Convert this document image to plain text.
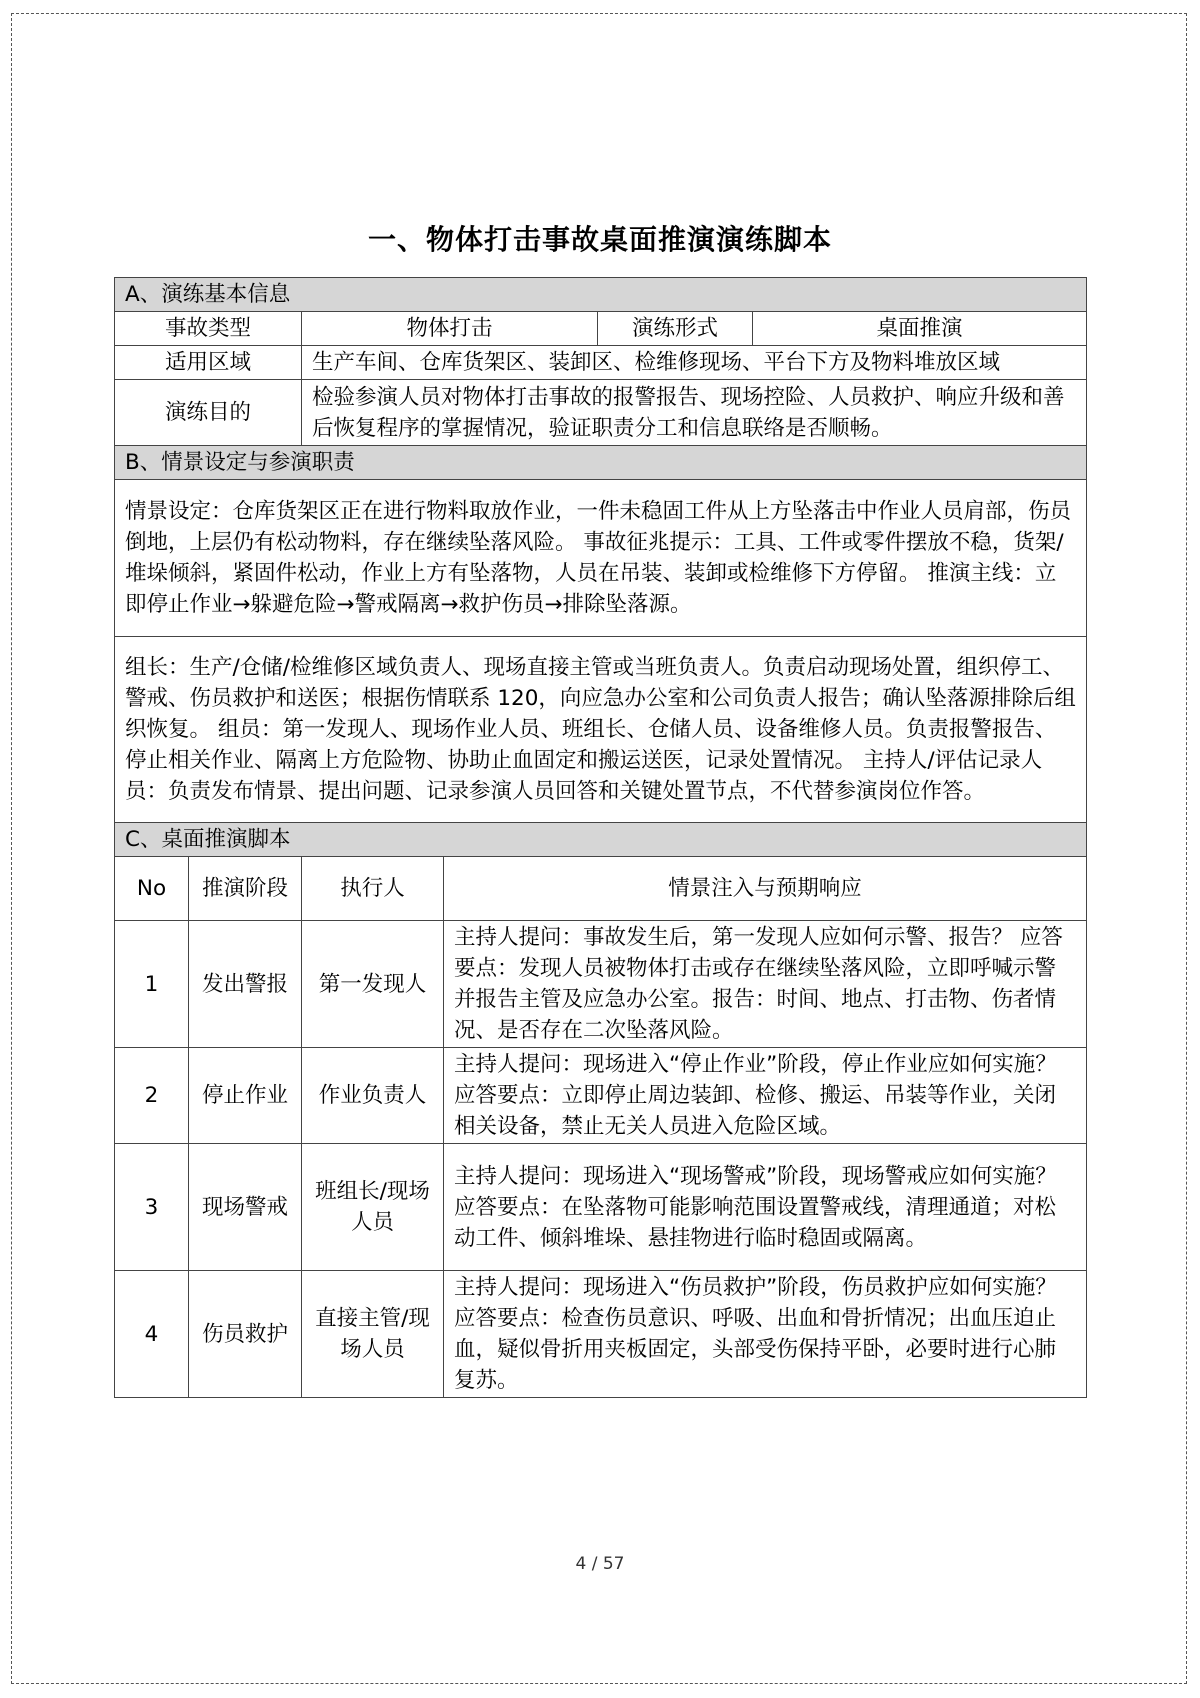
一、物体打击事故桌面推演演练脚本
A、演练基本信息				
事故类型		物体打击		演练形式 桌面推演

适用区域		生产车间、仓库货架区、装卸区、检维修现场、平台下方及物料堆放区域		
演练目的		检验参演人员对物体打击事故的报警报告、现场控险、人员救护、响应升级和善后恢复程序的掌握情况，验证职责分工和信息联络是否顺畅。		
B、情景设定与参演职责				
情景设定：仓库货架区正在进行物料取放作业，一件未稳固工件从上方坠落击中作业人员肩部，伤员倒地，上层仍有松动物料，存在继续坠落风险。 事故征兆提示：工具、工件或零件摆放不稳，货架/堆垛倾斜，紧固件松动，作业上方有坠落物，人员在吊装、装卸或检维修下方停留。 推演主线：立即停止作业→躲避危险→警戒隔离→救护伤员→排除坠落源。				
组长：生产/仓储/检维修区域负责人、现场直接主管或当班负责人。负责启动现场处置，组织停工、警戒、伤员救护和送医；根据伤情联系 120，向应急办公室和公司负责人报告；确认坠落源排除后组织恢复。 组员：第一发现人、现场作业人员、班组长、仓储人员、设备维修人员。负责报警报告、停止相关作业、隔离上方危险物、协助止血固定和搬运送医，记录处置情况。 主持人/评估记录人员：负责发布情景、提出问题、记录参演人员回答和关键处置节点，不代替参演岗位作答。				
C、桌面推演脚本				
No	推演阶段	执行人	情景注入与预期响应	
1	发出警报	第一发现人	主持人提问：事故发生后，第一发现人应如何示警、报告？ 应答要点：发现人员被物体打击或存在继续坠落风险，立即呼喊示警并报告主管及应急办公室。报告：时间、地点、打击物、伤者情况、是否存在二次坠落风险。	
2	停止作业	作业负责人	主持人提问：现场进入“停止作业”阶段，停止作业应如何实施？ 应答要点：立即停止周边装卸、检修、搬运、吊装等作业，关闭相关设备，禁止无关人员进入危险区域。	
3	现场警戒	班组长/现场人员	主持人提问：现场进入“现场警戒”阶段，现场警戒应如何实施？ 应答要点：在坠落物可能影响范围设置警戒线，清理通道；对松动工件、倾斜堆垛、悬挂物进行临时稳固或隔离。	
4	伤员救护	直接主管/现场人员	主持人提问：现场进入“伤员救护”阶段，伤员救护应如何实施？ 应答要点：检查伤员意识、呼吸、出血和骨折情况；出血压迫止血，疑似骨折用夹板固定，头部受伤保持平卧，必要时进行心肺复苏。	
4 / 57
